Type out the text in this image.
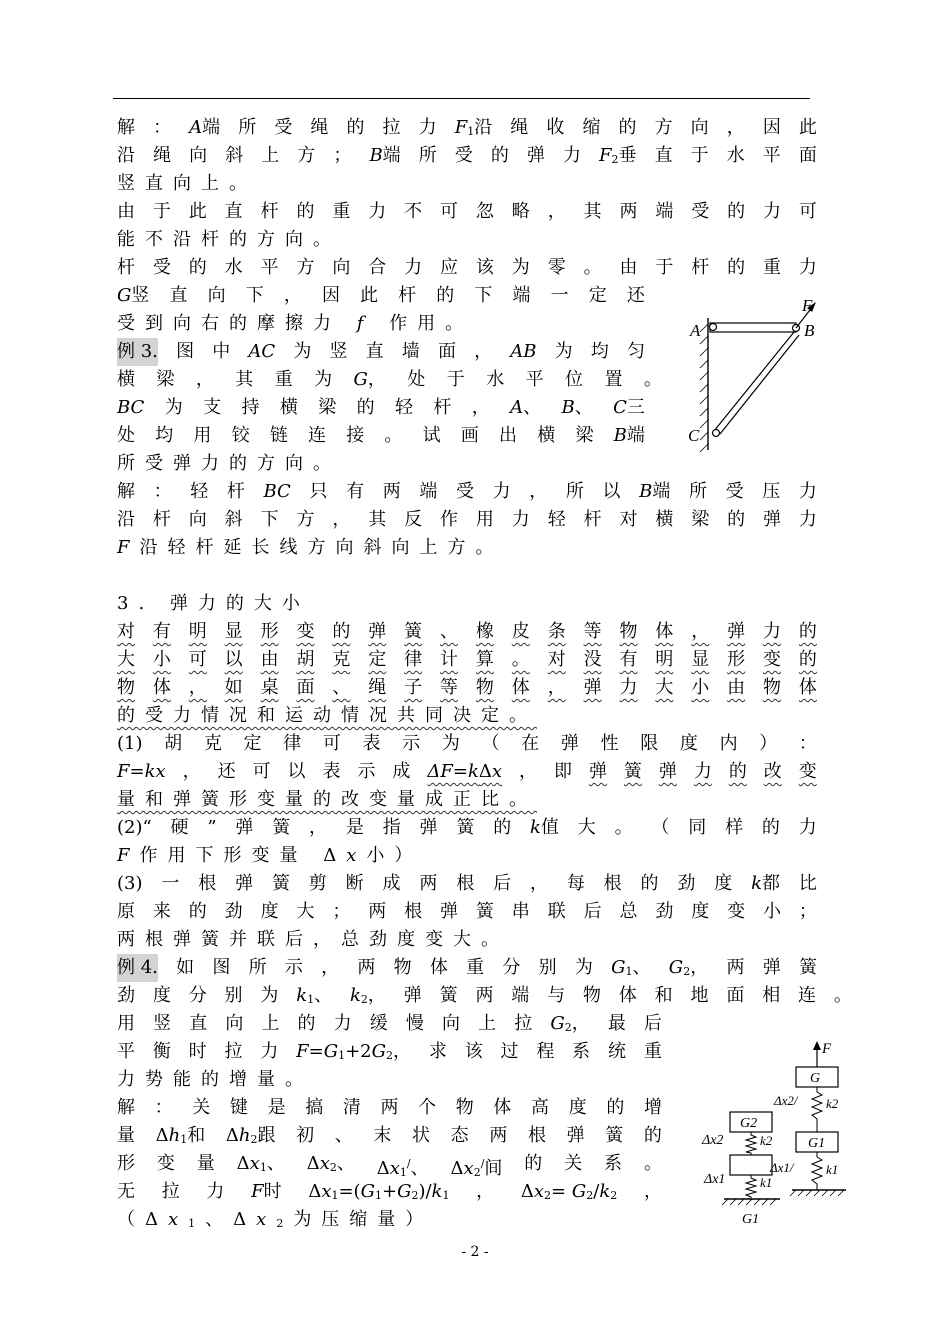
解 ： A端 所 受 绳 的 拉 力 $F_1$沿 绳 收 缩 的 方 向 ， 因 此
沿 绳 向 斜 上 方 ； B端 所 受 的 弹 力 $F_2$垂 直 于 水 平 面
竖直向上。
由 于 此 直 杆 的 重 力 不 可 忽 略 ， 其 两 端 受 的 力 可
能不沿杆的方向。
杆 受 的 水 平 方 向 合 力 应 该 为 零 。 由 于 杆 的 重 力
G竖 直 向 下 ， 因 此 杆 的 下 端 一 定 还
受到向右的摩擦力 f 作用。
例 3. 图 中 AC 为 竖 直 墙 面 ， AB 为 均 匀
横 梁 ， 其 重 为 G， 处 于 水 平 位 置 。
BC 为 支 持 横 梁 的 轻 杆 ， A、 B、 C三
处 均 用 铰 链 连 接 。 试 画 出 横 梁 B端
所受弹力的方向。
解 ： 轻 杆 BC 只 有 两 端 受 力 ， 所 以 B端 所 受 压 力
沿 杆 向 斜 下 方 ， 其 反 作 用 力 轻 杆 对 横 梁 的 弹 力
F沿轻杆延长线方向斜向上方。
3. 弹力的大小
对 有 明 显 形 变 的 弹 簧 、 橡 皮 条 等 物 体 ， 弹 力 的
大 小 可 以 由 胡 克 定 律 计 算 。 对 没 有 明 显 形 变 的
物 体 ， 如 桌 面 、 绳 子 等 物 体 ， 弹 力 大 小 由 物 体
的受力情况和运动情况共同决定。
(1) 胡 克 定 律 可 表 示 为 （ 在 弹 性 限 度 内 ） ：
F=kx ， 还 可 以 表 示 成 ΔF=kΔx ， 即 弹 簧 弹 力 的 改 变
量和弹簧形变量的改变量成正比。
(2)“ 硬 ” 弹 簧 ， 是 指 弹 簧 的 k值 大 。 （ 同 样 的 力
F作用下形变量 Δx小）
(3) 一 根 弹 簧 剪 断 成 两 根 后 ， 每 根 的 劲 度 k都 比
原 来 的 劲 度 大 ； 两 根 弹 簧 串 联 后 总 劲 度 变 小 ；
两根弹簧并联后，总劲度变大。
例 4. 如 图 所 示 ， 两 物 体 重 分 别 为 $G_1$、 $G_2$， 两 弹 簧
劲 度 分 别 为 $k_1$、 $k_2$， 弹 簧 两 端 与 物 体 和 地 面 相 连 。
用 竖 直 向 上 的 力 缓 慢 向 上 拉 $G_2$， 最 后
平 衡 时 拉 力 $F=G_1+2G_2$， 求 该 过 程 系 统 重
力势能的增量。
解 ： 关 键 是 搞 清 两 个 物 体 高 度 的 增
量 $\Delta h_1$和 $\Delta h_2$跟 初 、 末 状 态 两 根 弹 簧 的
形 变 量 $\Delta x_1$、 $\Delta x_2$、 $\Delta x_1^/$、 $\Delta x_2^/$间 的 关 系 。
无 拉 力 F时 $\Delta x_1=(G_1+G_2)/k_1$ ， $\Delta x_2= G_2/k_2$ ，
（$\Delta x_1$、$\Delta x_2$为压缩量）
A	B
C
F
F
G
G2
G1
k2
k1
k2
k1
Δx2
Δx1
Δx2/
Δx1/
G1
- 2 -
